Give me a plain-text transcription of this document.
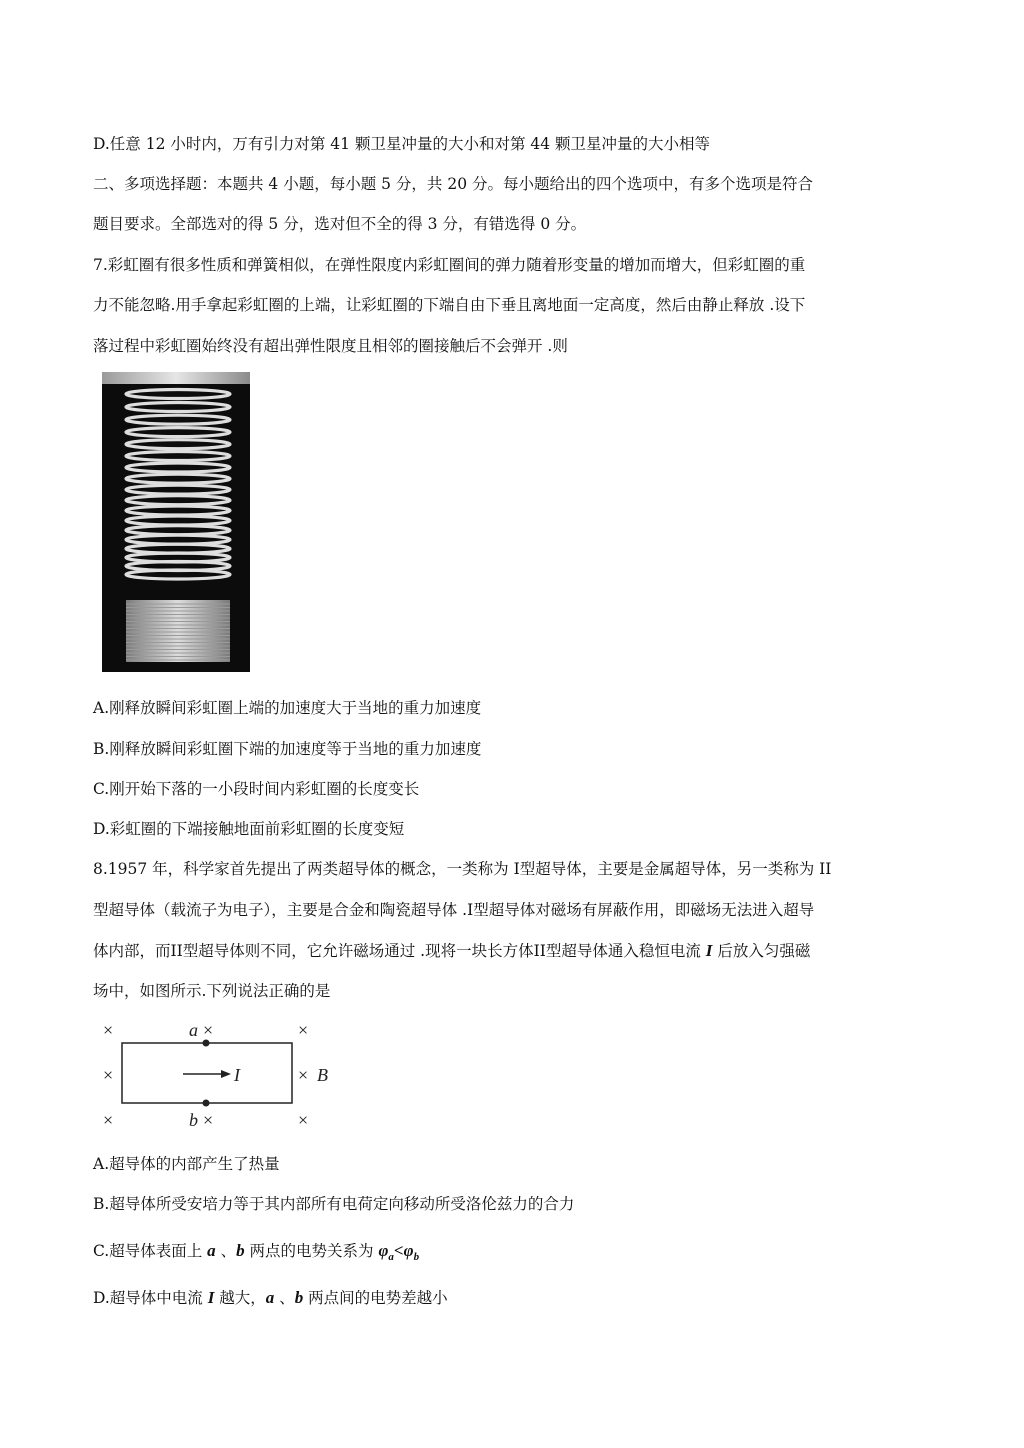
D.任意 12 小时内，万有引力对第 41 颗卫星冲量的大小和对第 44 颗卫星冲量的大小相等
二、多项选择题：本题共 4 小题，每小题 5 分，共 20 分。每小题给出的四个选项中，有多个选项是符合
题目要求。全部选对的得 5 分，选对但不全的得 3 分，有错选得 0 分。
7.彩虹圈有很多性质和弹簧相似，在弹性限度内彩虹圈间的弹力随着形变量的增加而增大，但彩虹圈的重
力不能忽略.用手拿起彩虹圈的上端，让彩虹圈的下端自由下垂且离地面一定高度，然后由静止释放 .设下
落过程中彩虹圈始终没有超出弹性限度且相邻的圈接触后不会弹开 .则
A.刚释放瞬间彩虹圈上端的加速度大于当地的重力加速度
B.刚释放瞬间彩虹圈下端的加速度等于当地的重力加速度
C.刚开始下落的一小段时间内彩虹圈的长度变长
D.彩虹圈的下端接触地面前彩虹圈的长度变短
8.1957 年，科学家首先提出了两类超导体的概念，一类称为 I型超导体，主要是金属超导体，另一类称为 II
型超导体（载流子为电子），主要是合金和陶瓷超导体 .I型超导体对磁场有屏蔽作用，即磁场无法进入超导
体内部，而II型超导体则不同，它允许磁场通过 .现将一块长方体II型超导体通入稳恒电流 I 后放入匀强磁
场中，如图所示.下列说法正确的是
×	a ×	×
×	I	× B
×	b ×	×
A.超导体的内部产生了热量
B.超导体所受安培力等于其内部所有电荷定向移动所受洛伦兹力的合力
C.超导体表面上 a 、b 两点的电势关系为 $\varphi_a<\varphi_b$
D.超导体中电流 I 越大，a 、b 两点间的电势差越小
